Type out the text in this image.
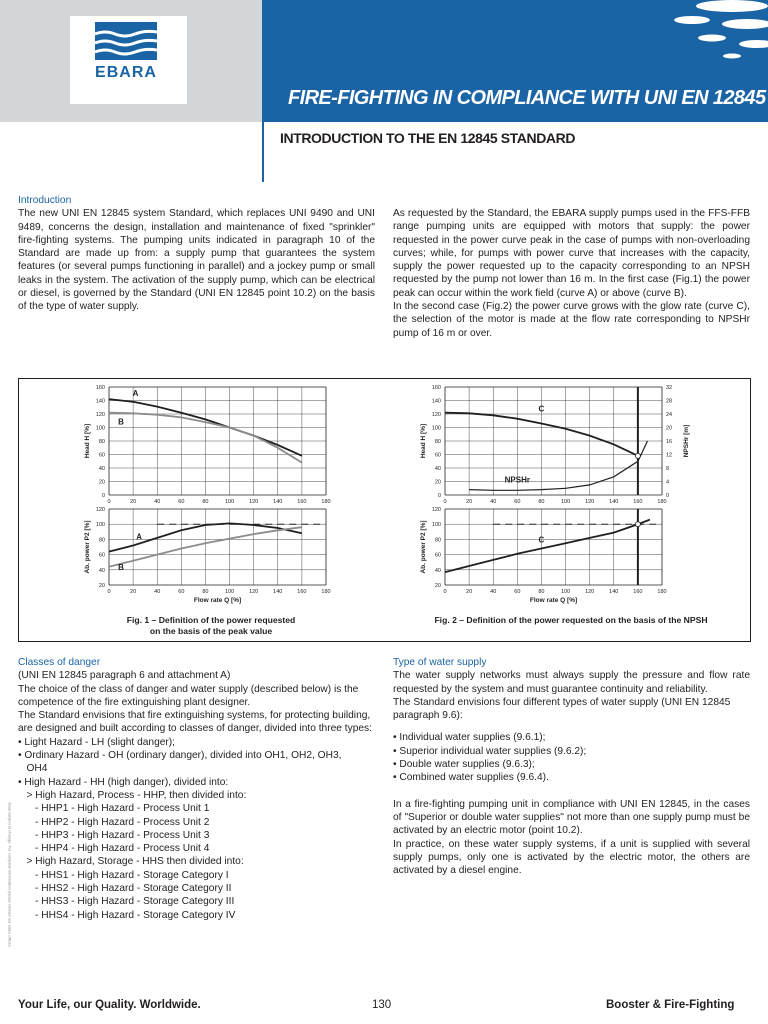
EBARA
FIRE-FIGHTING IN COMPLIANCE WITH UNI EN 12845
INTRODUCTION TO THE EN 12845 STANDARD
Introduction

The new UNI EN 12845 system Standard, which replaces UNI 9490 and UNI 9489, concerns the design, installation and maintenance of fixed "sprinkler" fire-fighting systems. The pumping units indicated in paragraph 10 of the Standard are made up from: a supply pump that guarantees the system features (or several pumps functioning in parallel) and a jockey pump or small leaks in the system. The activation of the supply pump, which can be electrical or diesel, is governed by the Standard (UNI EN 12845 point 10.2) on the basis of the type of water supply.

As requested by the Standard, the EBARA supply pumps used in the FFS-FFB range pumping units are equipped with motors that supply: the power requested in the power curve peak in the case of pumps with non-overloading curves; while, for pumps with power curve that increases with the capacity, supply the power requested up to the capacity corresponding to an NPSH requested by the pump not lower than 16 m. In the first case (Fig.1) the power peak can occur within the work field (curve A) or above (curve B).

In the second case (Fig.2) the power curve grows with the glow rate (curve C), the selection of the motor is made at the flow rate corresponding to NPSHr pump of 16 m or over.

0
20
40
60
80
100
120
140
160
0	20	40	60	80	100	120	140	160	180
Head H [%]
A
B
20
40
60
80
100
120
0	20	40	60	80	100	120	140	160	180
Ab. power P2 [%]
Flow rate Q [%]
A
B
0
20
40
60
80
100
120
140
160
0	20	40	60	80	100	120	140	160	180
0
4
8
12
16
20
24
28
32
Head H [%]	NPSHr [m]
C
NPSHr
20
40
60
80
100
120
0	20	40	60	80	100	120	140	160	180
Ab. power P2 [%]
Flow rate Q [%]
C
Fig. 1 – Definition of the power requested
on the basis of the peak value
Fig. 2 – Definition of the power requested on the basis of the NPSH
Classes of danger

(UNI EN 12845 paragraph 6 and attachment A)

The choice of the class of danger and water supply (described below) is the competence of the fire extinguishing plant designer.

The Standard envisions that fire extinguishing systems, for protecting building, are designed and built according to classes of danger, divided into three types:

• Light Hazard - LH (slight danger);
• Ordinary Hazard - OH (ordinary danger), divided into OH1, OH2, OH3,
OH4
• High Hazard - HH (high danger), divided into:
> High Hazard, Process - HHP, then divided into:
- HHP1 - High Hazard - Process Unit 1
- HHP2 - High Hazard - Process Unit 2
- HHP3 - High Hazard - Process Unit 3
- HHP4 - High Hazard - Process Unit 4
> High Hazard, Storage - HHS then divided into:
- HHS1 - High Hazard - Storage Category I
- HHS2 - High Hazard - Storage Category II
- HHS3 - High Hazard - Storage Category III
- HHS4 - High Hazard - Storage Category IV
Type of water supply

The water supply networks must always supply the pressure and flow rate requested by the system and must guarantee continuity and reliability.

The Standard envisions four different types of water supply (UNI EN 12845 paragraph 9.6):

• Individual water supplies (9.6.1);
• Superior individual water supplies (9.6.2);
• Double water supplies (9.6.3);
• Combined water supplies (9.6.4).

In a fire-fighting pumping unit in compliance with UNI EN 12845, in the cases of "Superior or double water supplies" not more than one supply pump must be activated by an electric motor (point 10.2).

In practice, on these water supply systems, if a unit is supplied with several supply pumps, only one is activated by the electric motor, the others are activated by a diesel engine.

Data subject to change. For complete information please contact our sales offices.
Your Life, our Quality. Worldwide.	130	Booster & Fire-Fighting
